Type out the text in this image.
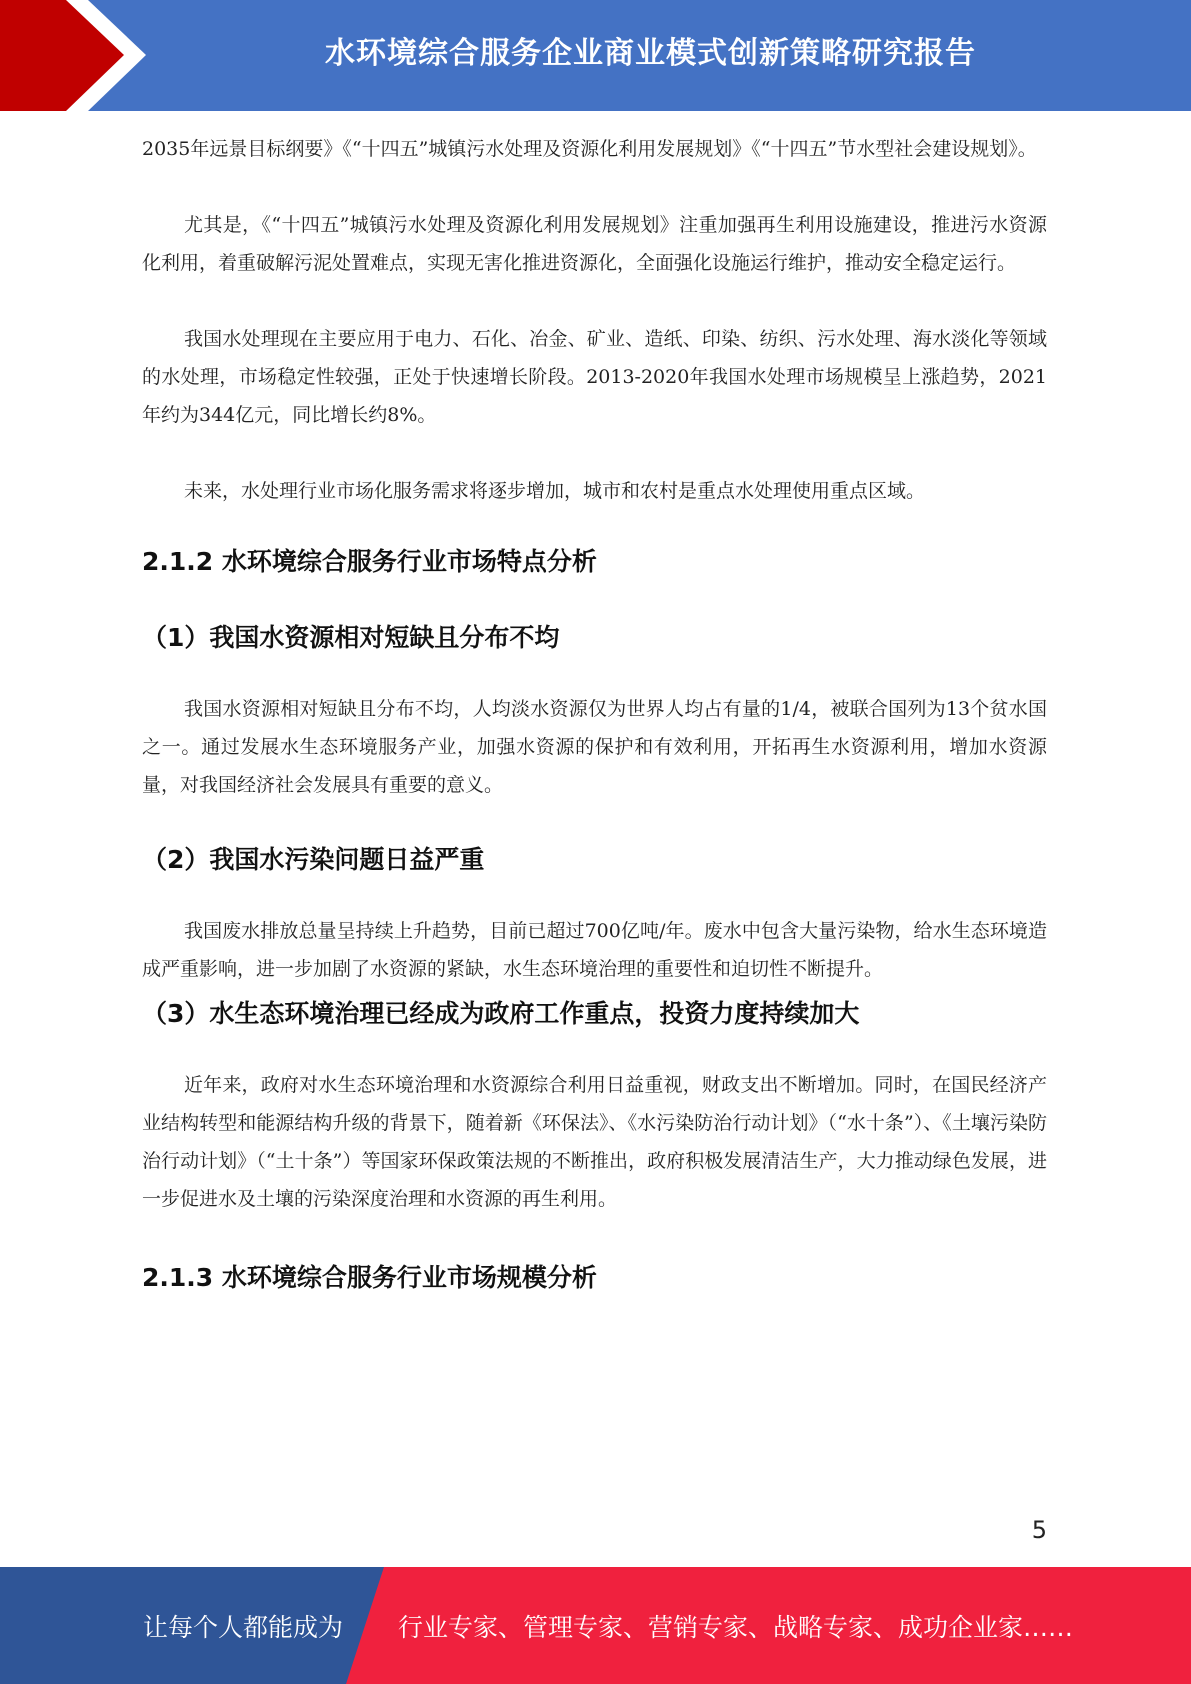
水环境综合服务企业商业模式创新策略研究报告

2035年远景目标纲要》《“十四五”城镇污水处理及资源化利用发展规划》《“十四五”节水型社会建设规划》。

尤其是，《“十四五”城镇污水处理及资源化利用发展规划》注重加强再生利用设施建设，推进污水资源化利用，着重破解污泥处置难点，实现无害化推进资源化，全面强化设施运行维护，推动安全稳定运行。

我国水处理现在主要应用于电力、石化、冶金、矿业、造纸、印染、纺织、污水处理、海水淡化等领域的水处理，市场稳定性较强，正处于快速增长阶段。2013-2020年我国水处理市场规模呈上涨趋势，2021年约为344亿元，同比增长约8%。

未来，水处理行业市场化服务需求将逐步增加，城市和农村是重点水处理使用重点区域。

2.1.2 水环境综合服务行业市场特点分析
（1）我国水资源相对短缺且分布不均

我国水资源相对短缺且分布不均，人均淡水资源仅为世界人均占有量的1/4，被联合国列为13个贫水国之一。通过发展水生态环境服务产业，加强水资源的保护和有效利用，开拓再生水资源利用，增加水资源量，对我国经济社会发展具有重要的意义。

（2）我国水污染问题日益严重

我国废水排放总量呈持续上升趋势，目前已超过700亿吨/年。废水中包含大量污染物，给水生态环境造成严重影响，进一步加剧了水资源的紧缺，水生态环境治理的重要性和迫切性不断提升。

（3）水生态环境治理已经成为政府工作重点，投资力度持续加大

近年来，政府对水生态环境治理和水资源综合利用日益重视，财政支出不断增加。同时，在国民经济产业结构转型和能源结构升级的背景下，随着新《环保法》、《水污染防治行动计划》（“水十条”）、《土壤污染防治行动计划》（“土十条”）等国家环保政策法规的不断推出，政府积极发展清洁生产，大力推动绿色发展，进一步促进水及土壤的污染深度治理和水资源的再生利用。

2.1.3 水环境综合服务行业市场规模分析
5
让每个人都能成为 行业专家、管理专家、营销专家、战略专家、成功企业家……
